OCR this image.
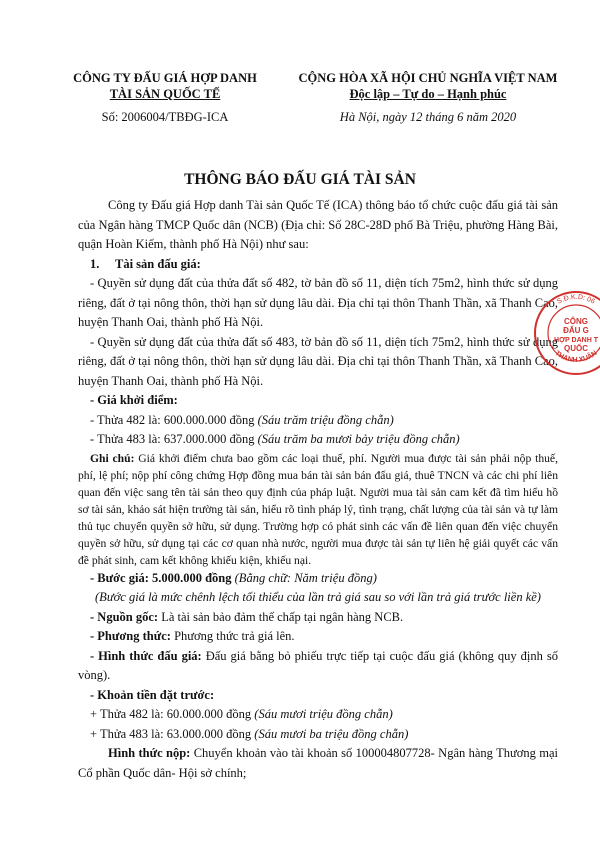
CÔNG TY ĐẤU GIÁ HỢP DANH
TÀI SẢN QUỐC TẾ
Số: 2006004/TBĐG-ICA
CỘNG HÒA XÃ HỘI CHỦ NGHĨA VIỆT NAM
Độc lập – Tự do – Hạnh phúc
Hà Nội, ngày 12 tháng 6 năm 2020
THÔNG BÁO ĐẤU GIÁ TÀI SẢN

Công ty Đấu giá Hợp danh Tài sản Quốc Tế (ICA) thông báo tổ chức cuộc đấu giá tài sản của Ngân hàng TMCP Quốc dân (NCB) (Địa chỉ: Số 28C-28D phố Bà Triệu, phường Hàng Bài, quận Hoàn Kiếm, thành phố Hà Nội) như sau:

1. Tài sản đấu giá:

- Quyền sử dụng đất của thửa đất số 482, tờ bản đồ số 11, diện tích 75m2, hình thức sử dụng riêng, đất ở tại nông thôn, thời hạn sử dụng lâu dài. Địa chỉ tại thôn Thanh Thần, xã Thanh Cao, huyện Thanh Oai, thành phố Hà Nội.

- Quyền sử dụng đất của thửa đất số 483, tờ bản đồ số 11, diện tích 75m2, hình thức sử dụng riêng, đất ở tại nông thôn, thời hạn sử dụng lâu dài. Địa chỉ tại thôn Thanh Thần, xã Thanh Cao, huyện Thanh Oai, thành phố Hà Nội.

- Giá khởi điểm:

- Thửa 482 là: 600.000.000 đồng (Sáu trăm triệu đồng chẵn)

- Thửa 483 là: 637.000.000 đồng (Sáu trăm ba mươi bảy triệu đồng chẵn)

Ghi chú: Giá khởi điểm chưa bao gồm các loại thuế, phí. Người mua được tài sản phải nộp thuế, phí, lệ phí; nộp phí công chứng Hợp đồng mua bán tài sản bán đấu giá, thuê TNCN và các chi phí liên quan đến việc sang tên tài sản theo quy định của pháp luật. Người mua tài sản cam kết đã tìm hiểu hồ sơ tài sản, khảo sát hiện trường tài sản, hiểu rõ tình pháp lý, tình trạng, chất lượng của tài sản và tự làm thủ tục chuyển quyền sở hữu, sử dụng. Trường hợp có phát sinh các vấn đề liên quan đến việc chuyển quyền sở hữu, sử dụng tại các cơ quan nhà nước, người mua được tài sản tự liên hệ giải quyết các vấn đề phát sinh, cam kết không khiếu kiện, khiếu nại.

- Bước giá: 5.000.000 đồng (Bằng chữ: Năm triệu đồng)

(Bước giá là mức chênh lệch tối thiểu của lần trả giá sau so với lần trả giá trước liền kề)

- Nguồn gốc: Là tài sản bảo đảm thế chấp tại ngân hàng NCB.

- Phương thức: Phương thức trả giá lên.

- Hình thức đấu giá: Đấu giá bằng bỏ phiếu trực tiếp tại cuộc đấu giá (không quy định số vòng).

- Khoản tiền đặt trước:

+ Thửa 482 là: 60.000.000 đồng (Sáu mươi triệu đồng chẵn)

+ Thửa 483 là: 63.000.000 đồng (Sáu mươi ba triệu đồng chẵn)

Hình thức nộp: Chuyển khoản vào tài khoản số 100004807728- Ngân hàng Thương mại Cổ phần Quốc dân- Hội sở chính;

S.Đ.K.D: 06
THANH XUÂN
CÔNG
ĐẤU G
HỢP DANH T
QUỐC
